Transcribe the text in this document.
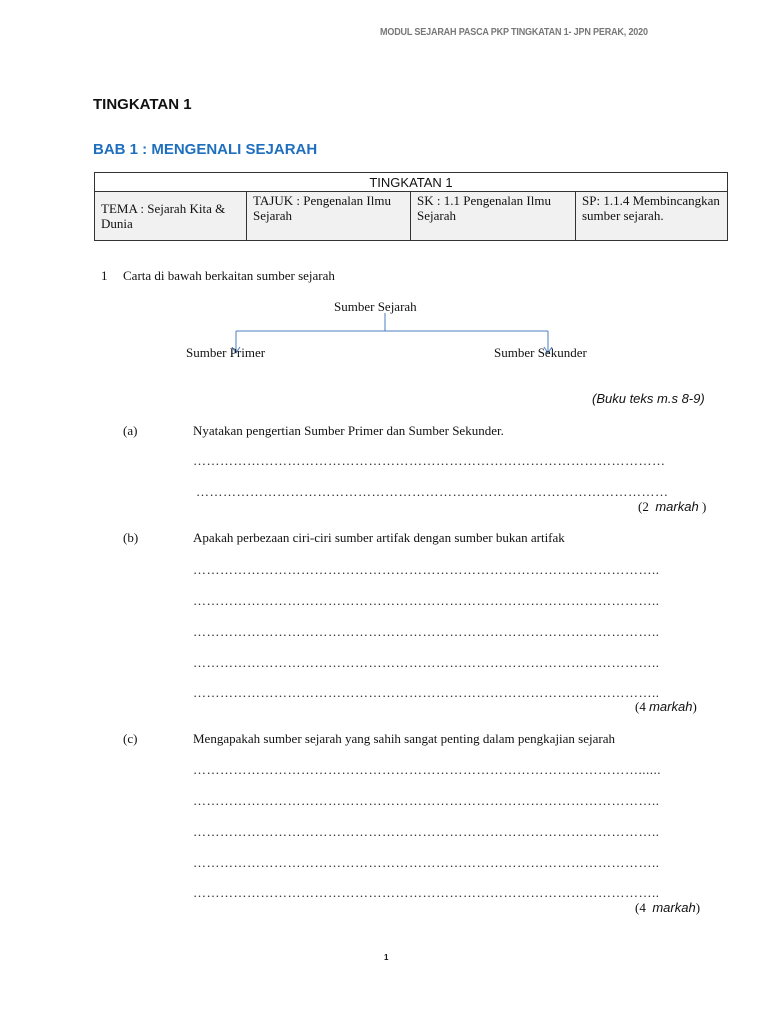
MODUL SEJARAH PASCA PKP TINGKATAN 1- JPN PERAK, 2020
TINGKATAN 1
BAB 1 : MENGENALI SEJARAH
TINGKATAN 1
TEMA : Sejarah Kita & Dunia	TAJUK : Pengenalan Ilmu Sejarah	SK : 1.1 Pengenalan Ilmu Sejarah	SP: 1.1.4 Membincangkan sumber sejarah.
1 Carta di bawah berkaitan sumber sejarah
Sumber Sejarah
Sumber Primer	Sumber Sekunder
(Buku teks m.s 8-9)
(a)	Nyatakan pengertian Sumber Primer dan Sumber Sekunder.
……………………………………………………………………………………………
……………………………………………………………………………………………
(2 markah )
(b)	Apakah perbezaan ciri-ciri sumber artifak dengan sumber bukan artifak
…………………………………………………………………………………………..
…………………………………………………………………………………………..
…………………………………………………………………………………………..
…………………………………………………………………………………………..
…………………………………………………………………………………………..
(4 markah)
(c)	Mengapakah sumber sejarah yang sahih sangat penting dalam pengkajian sejarah
………………………………………………………………………………………......
…………………………………………………………………………………………..
…………………………………………………………………………………………..
…………………………………………………………………………………………..
…………………………………………………………………………………………..
(4 markah)
1
